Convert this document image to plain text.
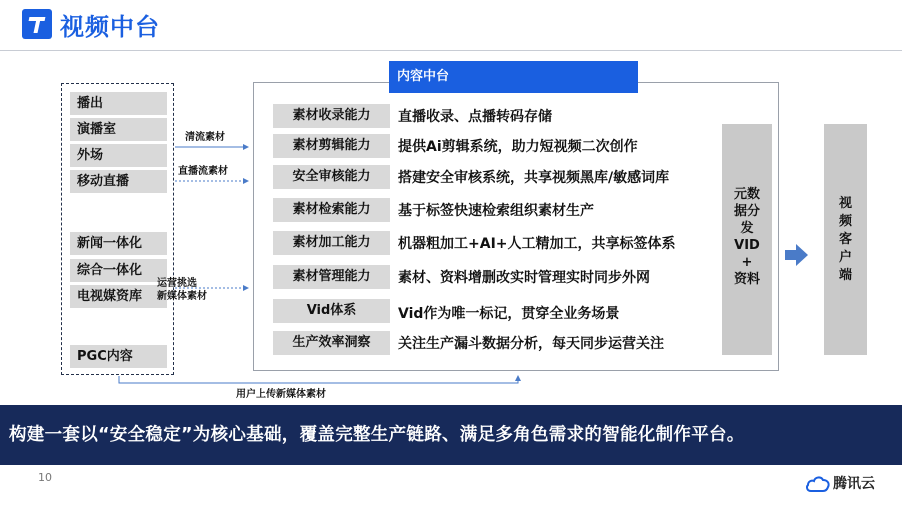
视频中台
播出
演播室
外场
移动直播
新闻一体化
综合一体化
电视媒资库
PGC内容
清流素材
直播流素材
运营挑选
新媒体素材
用户上传新媒体素材
内容中台
素材收录能力	直播收录、点播转码存储
素材剪辑能力	提供Ai剪辑系统，助力短视频二次创作
安全审核能力	搭建安全审核系统，共享视频黑库/敏感词库
素材检索能力	基于标签快速检索组织素材生产
素材加工能力	机器粗加工+AI+人工精加工，共享标签体系
素材管理能力	素材、资料增删改实时管理实时同步外网
Vid体系	Vid作为唯一标记，贯穿全业务场景
生产效率洞察	关注生产漏斗数据分析，每天同步运营关注
元数
据分
发
VID
+
资料
视
频
客
户
端
构建一套以“安全稳定”为核心基础，覆盖完整生产链路、满足多角色需求的智能化制作平台。
10	腾讯云
